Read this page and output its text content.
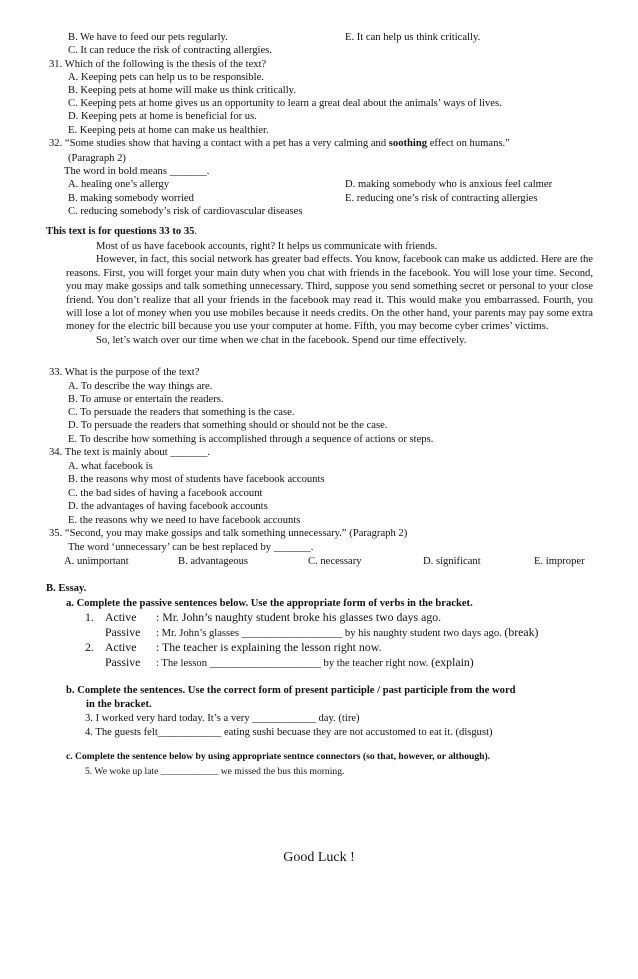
B. We have to feed our pets regularly.	E. It can help us think critically.
C. It can reduce the risk of contracting allergies.
31. Which of the following is the thesis of the text?
A. Keeping pets can help us to be responsible.
B. Keeping pets at home will make us think critically.
C. Keeping pets at home gives us an opportunity to learn a great deal about the animals’ ways of lives.
D. Keeping pets at home is beneficial for us.
E. Keeping pets at home can make us healthier.
32. “Some studies show that having a contact with a pet has a very calming and soothing effect on humans.”
(Paragraph 2)
The word in bold means _______.
A. healing one’s allergy	D. making somebody who is anxious feel calmer
B. making somebody worried	E. reducing one’s risk of contracting allergies
C. reducing somebody’s risk of cardiovascular diseases
This text is for questions 33 to 35.

Most of us have facebook accounts, right? It helps us communicate with friends.

However, in fact, this social network has greater bad effects. You know, facebook can make us addicted. Here are the reasons. First, you will forget your main duty when you chat with friends in the facebook. You will lose your time. Second, you may make gossips and talk something unnecessary. Third, suppose you send something secret or personal to your close friend. You don’t realize that all your friends in the facebook may read it. This would make you embarrassed. Fourth, you will lose a lot of money when you use mobiles because it needs credits. On the other hand, your parents may pay some extra money for the electric bill because you use your computer at home. Fifth, you may become cyber crimes’ victims.

So, let’s watch over our time when we chat in the facebook. Spend our time effectively.

33. What is the purpose of the text?
A. To describe the way things are.
B. To amuse or entertain the readers.
C. To persuade the readers that something is the case.
D. To persuade the readers that something should or should not be the case.
E. To describe how something is accomplished through a sequence of actions or steps.
34. The text is mainly about _______.
A. what facebook is
B. the reasons why most of students have facebook accounts
C. the bad sides of having a facebook account
D. the advantages of having facebook accounts
E. the reasons why we need to have facebook accounts
35. “Second, you may make gossips and talk something unnecessary.” (Paragraph 2)
The word ‘unnecessary’ can be best replaced by _______.
A. unimportant	B. advantageous	C. necessary	D. significant	E. improper
B. Essay.
a. Complete the passive sentences below. Use the appropriate form of verbs in the bracket.
1. Active : Mr. John’s naughty student broke his glasses two days ago.
Passive : Mr. John’s glasses ___________________ by his naughty student two days ago. (break)
2. Active : The teacher is explaining the lesson right now.
Passive : The lesson _____________________ by the teacher right now. (explain)
b. Complete the sentences. Use the correct form of present participle / past participle from the word
in the bracket.
3. I worked very hard today. It’s a very ____________ day. (tire)
4. The guests felt____________ eating sushi becuase they are not accustomed to eat it. (disgust)
c. Complete the sentence below by using appropriate sentnce connectors (so that, however, or although).
5. We woke up late ____________ we missed the bus this morning.
Good Luck !
